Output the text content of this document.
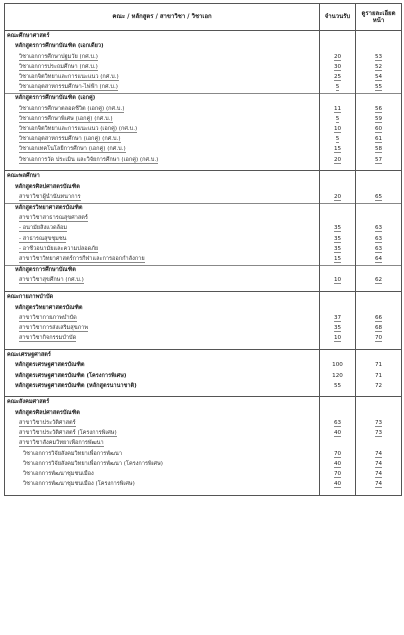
คณะ / หลักสูตร / สาขาวิชา / วิชาเอก	จำนวนรับ	ดูรายละเอียดหน้า
คณะศึกษาศาสตร์		
หลักสูตรการศึกษาบัณฑิต (เอกเดี่ยว)		
วิชาเอกการศึกษาปฐมวัย (กศ.บ.)	20	53
วิชาเอกการประถมศึกษา (กศ.บ.)	30	52
วิชาเอกจิตวิทยาและการแนะแนว (กศ.บ.)	25	54
วิชาเอกอุตสาหกรรมศึกษา-ไฟฟ้า (กศ.บ.)	5	55
หลักสูตรการศึกษาบัณฑิต (เอกคู่)		
วิชาเอกการศึกษาตลอดชีวิต (เอกคู่) (กศ.บ.)	11	56
วิชาเอกการศึกษาพิเศษ (เอกคู่) (กศ.บ.)	5	59
วิชาเอกจิตวิทยาและการแนะแนว (เอกคู่) (กศ.บ.)	10	60
วิชาเอกอุตสาหกรรมศึกษา (เอกคู่) (กศ.บ.)	5	61
วิชาเอกเทคโนโลยีการศึกษา (เอกคู่) (กศ.บ.)	15	58
วิชาเอกการวัด ประเมิน และวิจัยการศึกษา (เอกคู่) (กศ.บ.)	20	57

คณะพลศึกษา		
หลักสูตรศิลปศาสตรบัณฑิต		
สาขาวิชาผู้นำนันทนาการ	20	65
หลักสูตรวิทยาศาสตรบัณฑิต		
สาขาวิชาสาธารณสุขศาสตร์		
- อนามัยสิ่งแวดล้อม	35	63
- สาธารณสุขชุมชน	35	63
- อาชีวอนามัยและความปลอดภัย	35	63
สาขาวิชาวิทยาศาสตร์การกีฬาและการออกกำลังกาย	15	64
หลักสูตรการศึกษาบัณฑิต		
สาขาวิชาสุขศึกษา (กศ.บ.)	10	62

คณะกายภาพบำบัด		
หลักสูตรวิทยาศาสตรบัณฑิต		
สาขาวิชากายภาพบำบัด	37	66
สาขาวิชาการส่งเสริมสุขภาพ	35	68
สาขาวิชากิจกรรมบำบัด	10	70

คณะเศรษฐศาสตร์		
หลักสูตรเศรษฐศาสตรบัณฑิต	100	71
หลักสูตรเศรษฐศาสตรบัณฑิต (โครงการพิเศษ)	120	71
หลักสูตรเศรษฐศาสตรบัณฑิต (หลักสูตรนานาชาติ)	55	72

คณะสังคมศาสตร์		
หลักสูตรศิลปศาสตรบัณฑิต		
สาขาวิชาประวัติศาสตร์	63	73
สาขาวิชาประวัติศาสตร์ (โครงการพิเศษ)	40	73
สาขาวิชาสังคมวิทยาเพื่อการพัฒนา		
วิชาเอกการวิจัยสังคมวิทยาเพื่อการพัฒนา	70	74
วิชาเอกการวิจัยสังคมวิทยาเพื่อการพัฒนา (โครงการพิเศษ)	40	74
วิชาเอกการพัฒนาชุมชนเมือง	70	74
วิชาเอกการพัฒนาชุมชนเมือง (โครงการพิเศษ)	40	74
